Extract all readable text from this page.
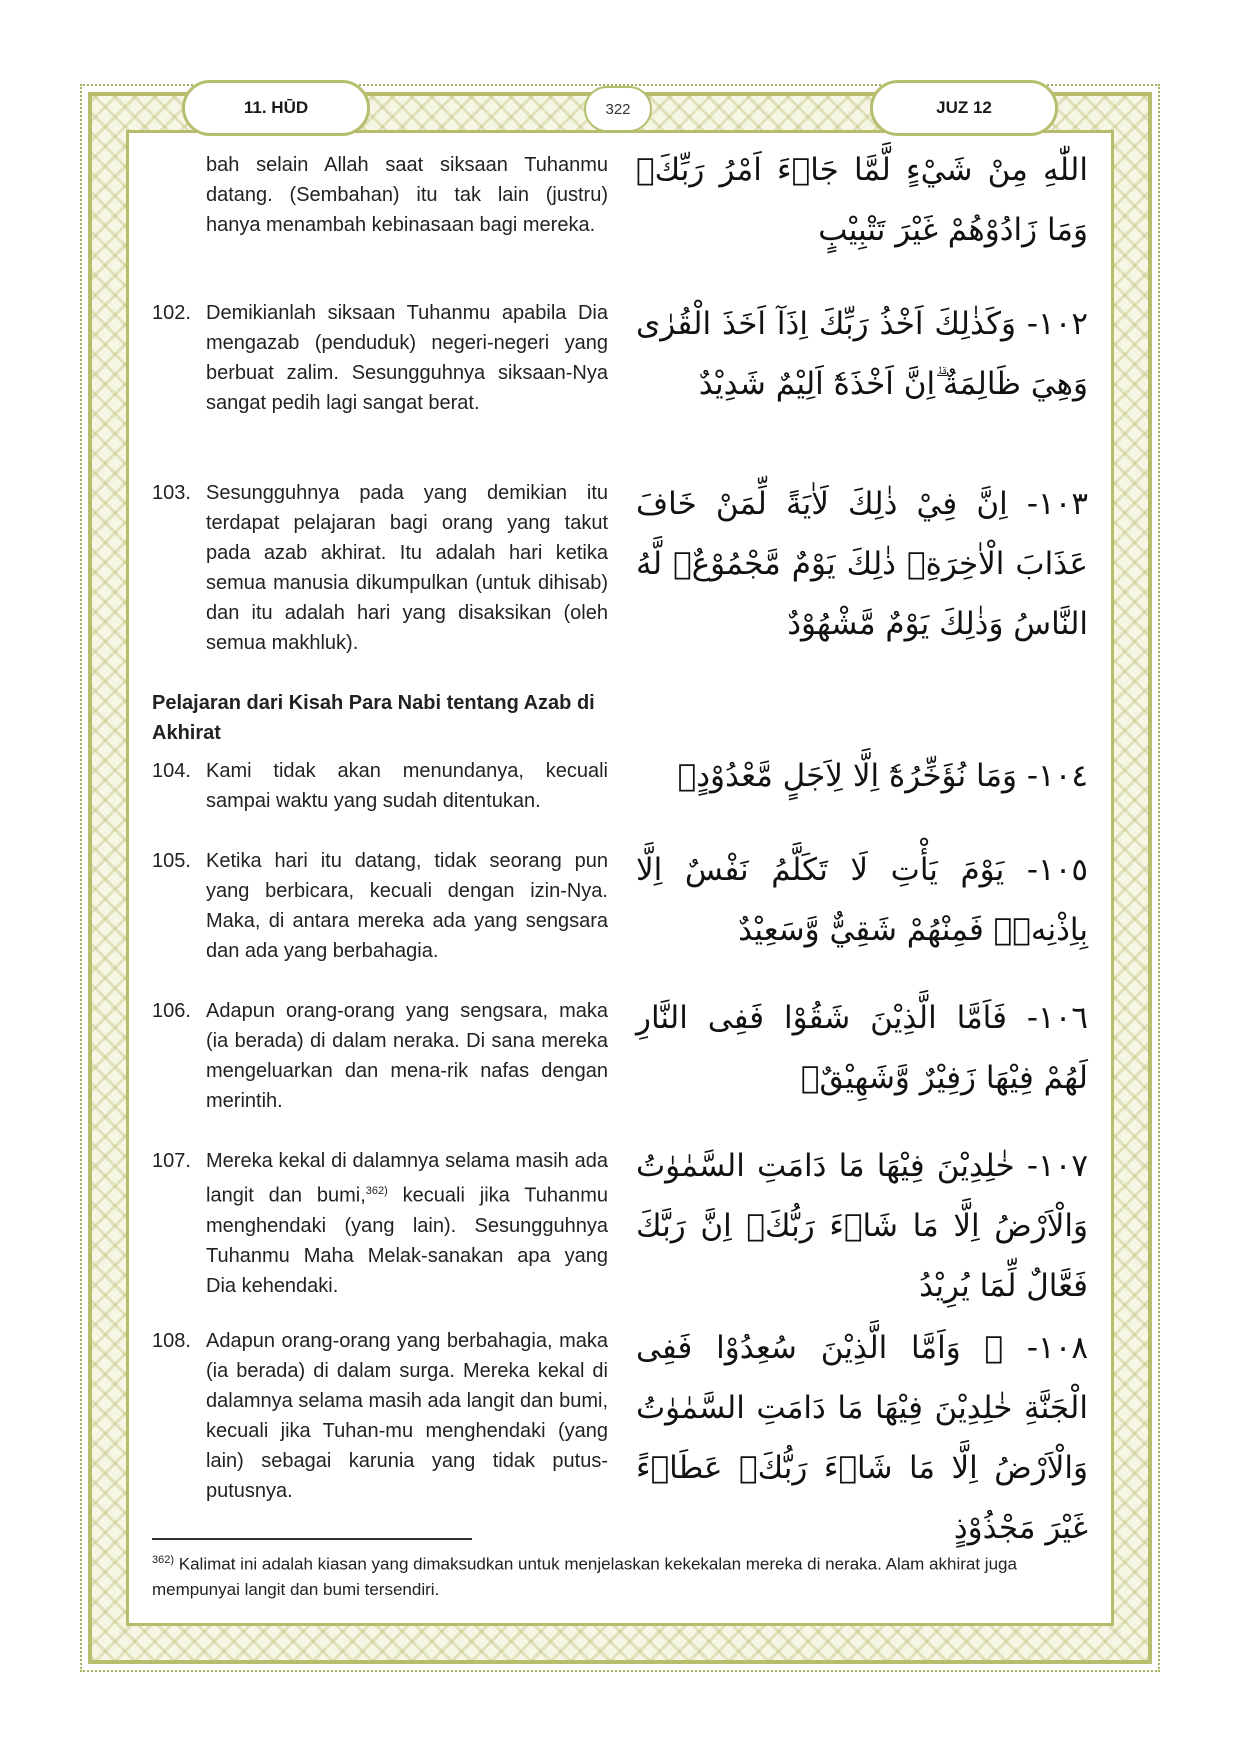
11. HŪD	322	JUZ 12
bah selain Allah saat siksaan Tuhanmu datang. (Sembahan) itu tak lain (justru) hanya menambah kebinasaan bagi mereka.
اللّٰهِ مِنْ شَيْءٍ لَّمَّا جَاۤءَ اَمْرُ رَبِّكَۗ وَمَا زَادُوْهُمْ غَيْرَ تَتْبِيْبٍ
102. Demikianlah siksaan Tuhanmu apabila Dia mengazab (penduduk) negeri-negeri yang berbuat zalim. Sesungguhnya siksaan-Nya sangat pedih lagi sangat berat.
١٠٢- وَكَذٰلِكَ اَخْذُ رَبِّكَ اِذَآ اَخَذَ الْقُرٰى وَهِيَ ظَالِمَةٌ ۗاِنَّ اَخْذَهٗٓ اَلِيْمٌ شَدِيْدٌ
103. Sesungguhnya pada yang demikian itu terdapat pelajaran bagi orang yang takut pada azab akhirat. Itu adalah hari ketika semua manusia dikumpulkan (untuk dihisab) dan itu adalah hari yang disaksikan (oleh semua makhluk).
١٠٣- اِنَّ فِيْ ذٰلِكَ لَاٰيَةً لِّمَنْ خَافَ عَذَابَ الْاٰخِرَةِۗ ذٰلِكَ يَوْمٌ مَّجْمُوْعٌۙ لَّهُ النَّاسُ وَذٰلِكَ يَوْمٌ مَّشْهُوْدٌ
Pelajaran dari Kisah Para Nabi tentang Azab di Akhirat
104. Kami tidak akan menundanya, kecuali sampai waktu yang sudah ditentukan.
١٠٤- وَمَا نُؤَخِّرُهٗٓ اِلَّا لِاَجَلٍ مَّعْدُوْدٍۗ
105. Ketika hari itu datang, tidak seorang pun yang berbicara, kecuali dengan izin-Nya. Maka, di antara mereka ada yang sengsara dan ada yang berbahagia.
١٠٥- يَوْمَ يَأْتِ لَا تَكَلَّمُ نَفْسٌ اِلَّا بِاِذْنِهٖۚ فَمِنْهُمْ شَقِيٌّ وَّسَعِيْدٌ
106. Adapun orang-orang yang sengsara, maka (ia berada) di dalam neraka. Di sana mereka mengeluarkan dan mena-rik nafas dengan merintih.
١٠٦- فَاَمَّا الَّذِيْنَ شَقُوْا فَفِى النَّارِ لَهُمْ فِيْهَا زَفِيْرٌ وَّشَهِيْقٌۙ
107. Mereka kekal di dalamnya selama masih ada langit dan bumi,$^{362)}$ kecuali jika Tuhanmu menghendaki (yang lain). Sesungguhnya Tuhanmu Maha Melak-sanakan apa yang Dia kehendaki.
١٠٧- خٰلِدِيْنَ فِيْهَا مَا دَامَتِ السَّمٰوٰتُ وَالْاَرْضُ اِلَّا مَا شَاۤءَ رَبُّكَۗ اِنَّ رَبَّكَ فَعَّالٌ لِّمَا يُرِيْدُ
108. Adapun orang-orang yang berbahagia, maka (ia berada) di dalam surga. Mereka kekal di dalamnya selama masih ada langit dan bumi, kecuali jika Tuhan-mu menghendaki (yang lain) sebagai karunia yang tidak putus-putusnya.
١٠٨- ۞ وَاَمَّا الَّذِيْنَ سُعِدُوْا فَفِى الْجَنَّةِ خٰلِدِيْنَ فِيْهَا مَا دَامَتِ السَّمٰوٰتُ وَالْاَرْضُ اِلَّا مَا شَاۤءَ رَبُّكَۗ عَطَاۤءً غَيْرَ مَجْذُوْذٍ
$^{362)}$ Kalimat ini adalah kiasan yang dimaksudkan untuk menjelaskan kekekalan mereka di neraka. Alam akhirat juga mempunyai langit dan bumi tersendiri.
